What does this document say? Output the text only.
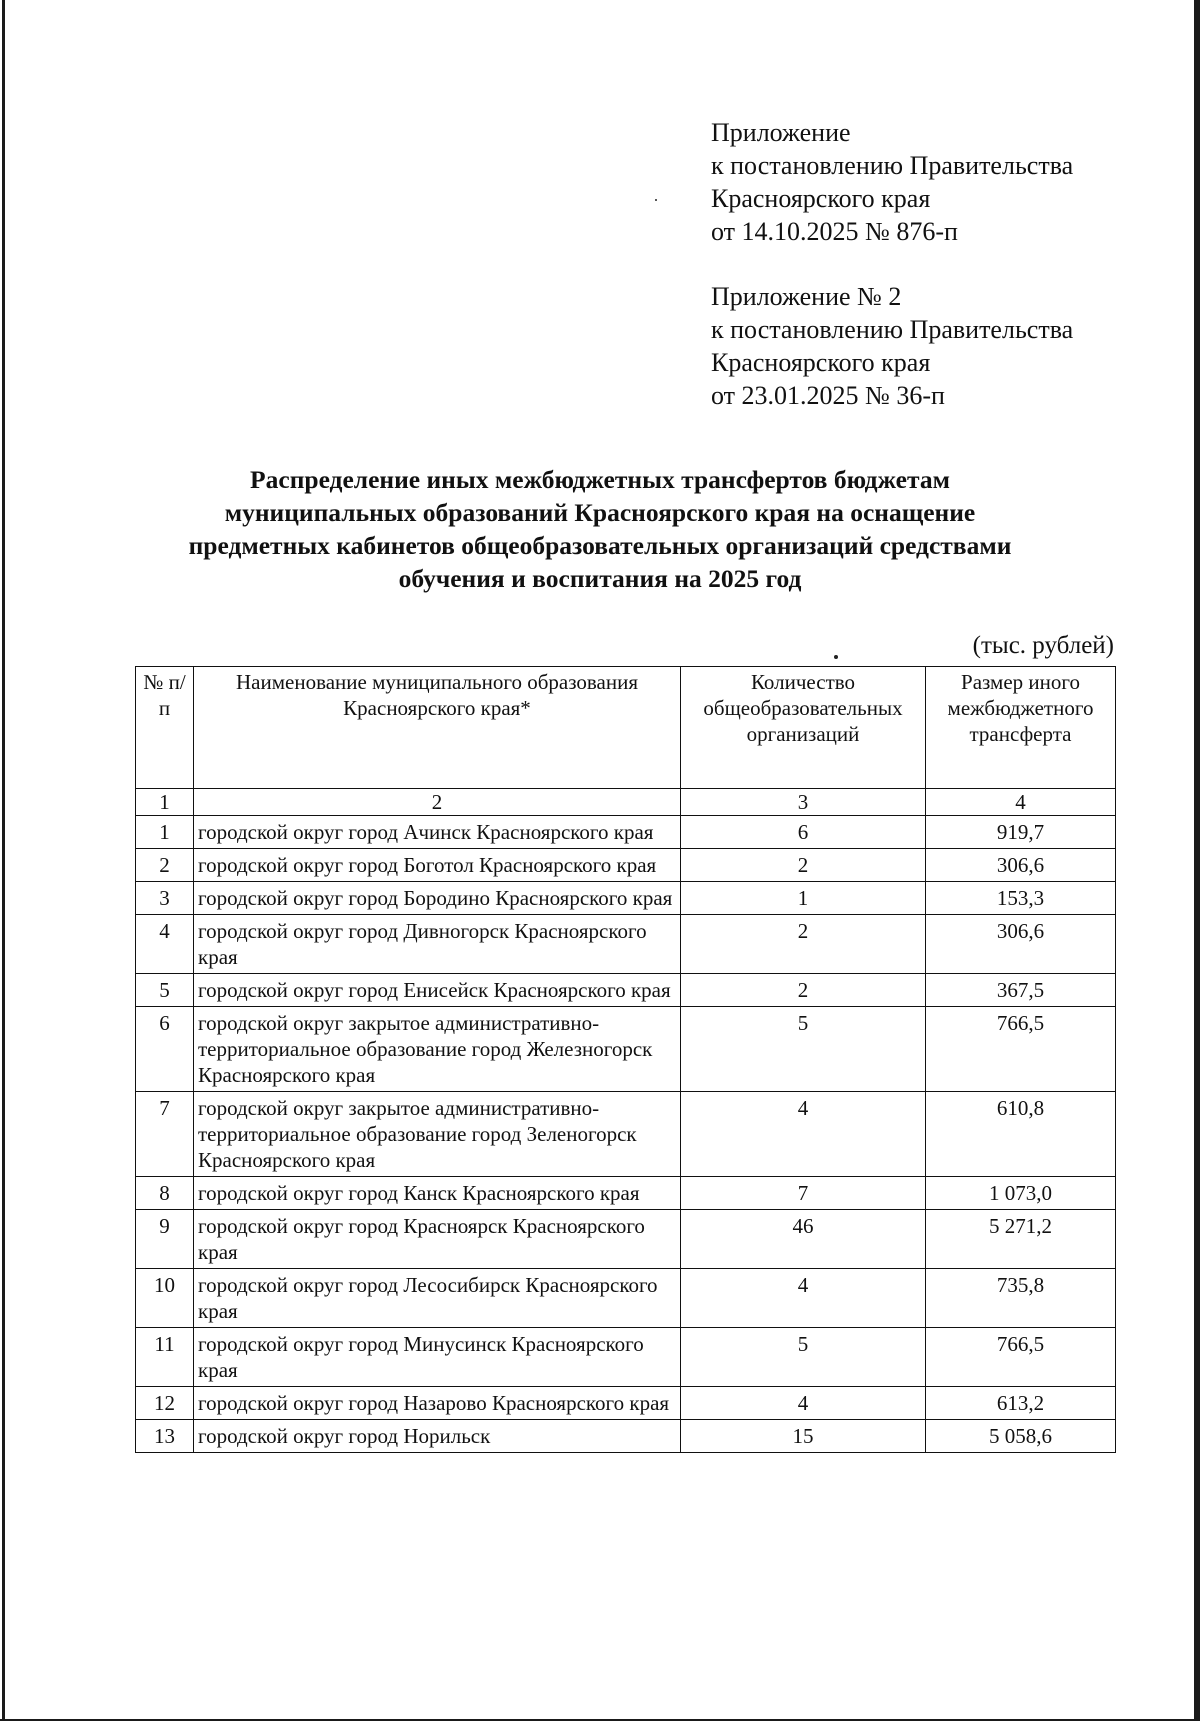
Приложение
к постановлению Правительства
Красноярского края
от 14.10.2025 № 876-п
Приложение № 2
к постановлению Правительства
Красноярского края
от 23.01.2025 № 36-п
Распределение иных межбюджетных трансфертов бюджетам
муниципальных образований Красноярского края на оснащение
предметных кабинетов общеобразовательных организаций средствами
обучения и воспитания на 2025 год
(тыс. рублей)
№ п/п	Наименование муниципального образования Красноярского края*	Количество общеобразовательных организаций	Размер иного межбюджетного трансферта
1	2	3	4
1	городской округ город Ачинск Красноярского края	6	919,7
2	городской округ город Боготол Красноярского края	2	306,6
3	городской округ город Бородино Красноярского края	1	153,3
4	городской округ город Дивногорск Красноярского края	2	306,6
5	городской округ город Енисейск Красноярского края	2	367,5
6	городской округ закрытое административно-территориальное образование город Железногорск Красноярского края	5	766,5
7	городской округ закрытое административно-территориальное образование город Зеленогорск Красноярского края	4	610,8
8	городской округ город Канск Красноярского края	7	1 073,0
9	городской округ город Красноярск Красноярского края	46	5 271,2
10	городской округ город Лесосибирск Красноярского края	4	735,8
11	городской округ город Минусинск Красноярского края	5	766,5
12	городской округ город Назарово Красноярского края	4	613,2
13	городской округ город Норильск	15	5 058,6
